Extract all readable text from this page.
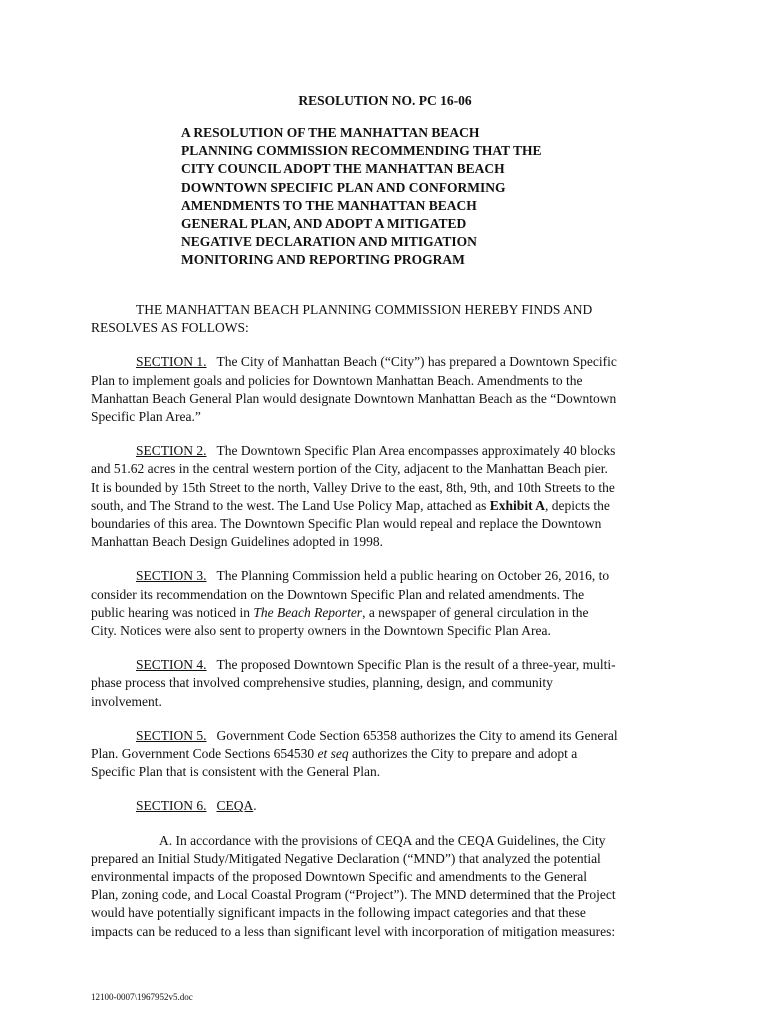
RESOLUTION NO. PC 16-06
A RESOLUTION OF THE MANHATTAN BEACH
PLANNING COMMISSION RECOMMENDING THAT THE
CITY COUNCIL ADOPT THE MANHATTAN BEACH
DOWNTOWN SPECIFIC PLAN AND CONFORMING
AMENDMENTS TO THE MANHATTAN BEACH
GENERAL PLAN, AND ADOPT A MITIGATED
NEGATIVE DECLARATION AND MITIGATION
MONITORING AND REPORTING PROGRAM

THE MANHATTAN BEACH PLANNING COMMISSION HEREBY FINDS AND
RESOLVES AS FOLLOWS:

SECTION 1. The City of Manhattan Beach (“City”) has prepared a Downtown Specific
Plan to implement goals and policies for Downtown Manhattan Beach. Amendments to the
Manhattan Beach General Plan would designate Downtown Manhattan Beach as the “Downtown
Specific Plan Area.”

SECTION 2. The Downtown Specific Plan Area encompasses approximately 40 blocks
and 51.62 acres in the central western portion of the City, adjacent to the Manhattan Beach pier.
It is bounded by 15th Street to the north, Valley Drive to the east, 8th, 9th, and 10th Streets to the
south, and The Strand to the west. The Land Use Policy Map, attached as Exhibit A, depicts the
boundaries of this area. The Downtown Specific Plan would repeal and replace the Downtown
Manhattan Beach Design Guidelines adopted in 1998.

SECTION 3. The Planning Commission held a public hearing on October 26, 2016, to
consider its recommendation on the Downtown Specific Plan and related amendments. The
public hearing was noticed in The Beach Reporter, a newspaper of general circulation in the
City. Notices were also sent to property owners in the Downtown Specific Plan Area.

SECTION 4. The proposed Downtown Specific Plan is the result of a three-year, multi-
phase process that involved comprehensive studies, planning, design, and community
involvement.

SECTION 5. Government Code Section 65358 authorizes the City to amend its General
Plan. Government Code Sections 654530 et seq authorizes the City to prepare and adopt a
Specific Plan that is consistent with the General Plan.

SECTION 6. CEQA.

A. In accordance with the provisions of CEQA and the CEQA Guidelines, the City
prepared an Initial Study/Mitigated Negative Declaration (“MND”) that analyzed the potential
environmental impacts of the proposed Downtown Specific and amendments to the General
Plan, zoning code, and Local Coastal Program (“Project”). The MND determined that the Project
would have potentially significant impacts in the following impact categories and that these
impacts can be reduced to a less than significant level with incorporation of mitigation measures:

12100-0007\1967952v5.doc
